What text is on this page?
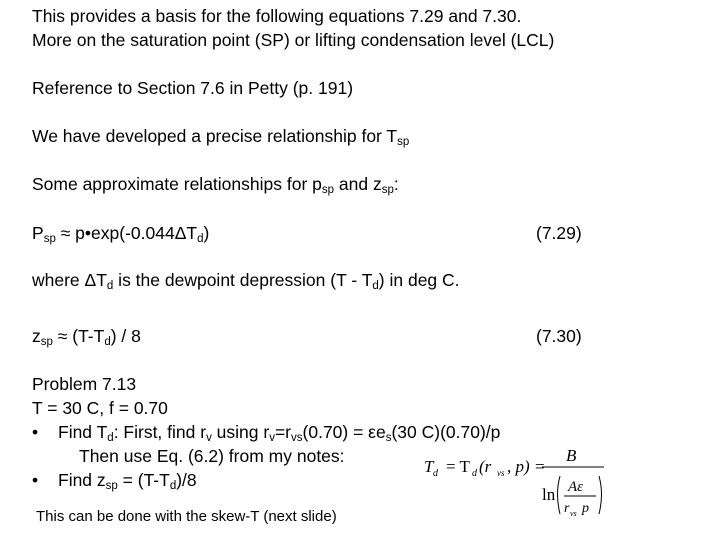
This provides a basis for the following equations 7.29 and 7.30.
More on the saturation point (SP) or lifting condensation level (LCL)
Reference to Section 7.6 in Petty (p. 191)
We have developed a precise relationship for $T_{sp}$
Some approximate relationships for $p_{sp}$ and $z_{sp}$:
$P_{sp}$ ≈ $p•\exp(-0.044\Delta T_d)$	(7.29)
where $\Delta T_d$ is the dewpoint depression $(T - T_d)$ in deg C.
$z_{sp} \approx (T-T_d) / 8$	(7.30)
Problem 7.13
T = 30 C, f = 0.70
• Find $T_d$: First, find $r_v$ using $r_v=r_{vs}(0.70) = \varepsilon e_s(30$ C)(0.70)/p
Then use Eq. (6.2) from my notes:
• Find $z_{sp} = (T-T_d)/8$
T d = T d (r vs , p) =
B
ln Aε
r vs p
This can be done with the skew-T (next slide)
